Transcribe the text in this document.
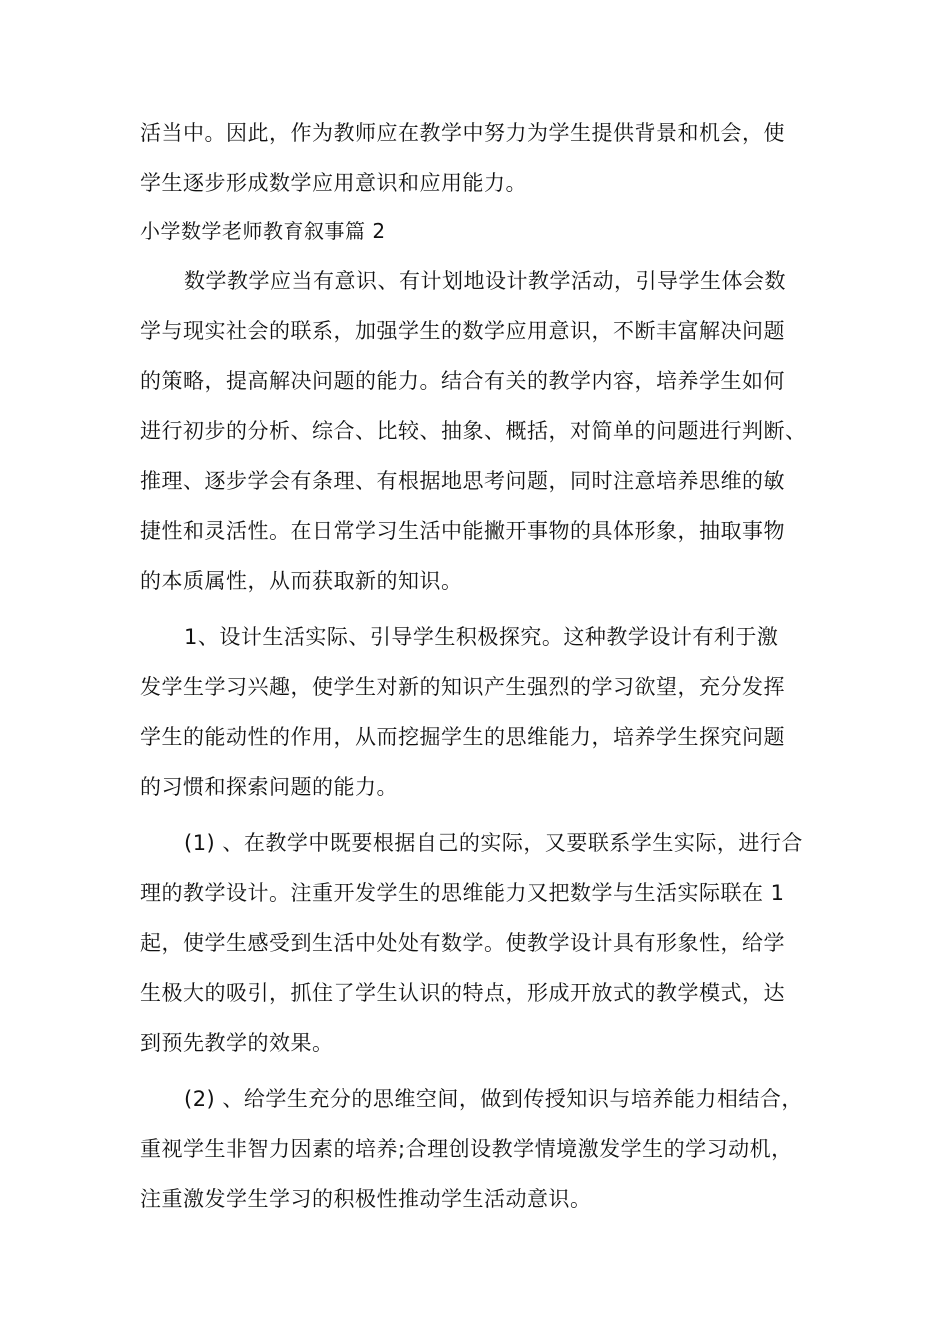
活当中。因此，作为教师应在教学中努力为学生提供背景和机会，使

学生逐步形成数学应用意识和应用能力。

小学数学老师教育叙事篇 2

数学教学应当有意识、有计划地设计教学活动，引导学生体会数

学与现实社会的联系，加强学生的数学应用意识，不断丰富解决问题

的策略，提高解决问题的能力。结合有关的教学内容，培养学生如何

进行初步的分析、综合、比较、抽象、概括，对简单的问题进行判断、

推理、逐步学会有条理、有根据地思考问题，同时注意培养思维的敏

捷性和灵活性。在日常学习生活中能撇开事物的具体形象，抽取事物

的本质属性，从而获取新的知识。

1、设计生活实际、引导学生积极探究。这种教学设计有利于激

发学生学习兴趣，使学生对新的知识产生强烈的学习欲望，充分发挥

学生的能动性的作用，从而挖掘学生的思维能力，培养学生探究问题

的习惯和探索问题的能力。

(1) 、在教学中既要根据自己的实际，又要联系学生实际，进行合

理的教学设计。注重开发学生的思维能力又把数学与生活实际联在 1

起，使学生感受到生活中处处有数学。使教学设计具有形象性，给学

生极大的吸引，抓住了学生认识的特点，形成开放式的教学模式，达

到预先教学的效果。

(2) 、给学生充分的思维空间，做到传授知识与培养能力相结合，

重视学生非智力因素的培养;合理创设教学情境激发学生的学习动机，

注重激发学生学习的积极性推动学生活动意识。
